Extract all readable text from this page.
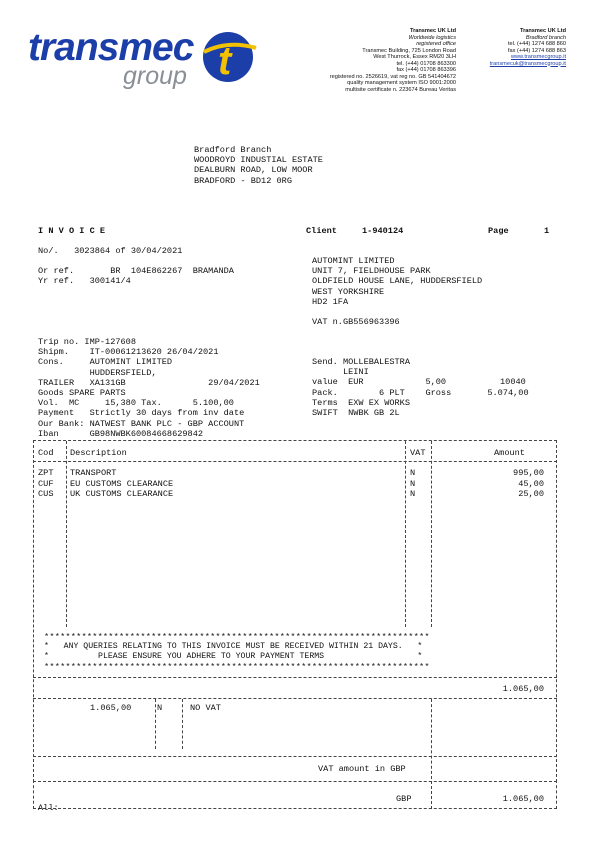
transmec
group t
Transmec UK Ltd
Worldwide logistics
registered office
Transmec Building, 725 London Road
West Thurrock, Essex RM20 3LH
tel. (+44) 01708 863300
fax (+44) 01708 863396
registered no. 2526619, vat reg no. GB 541404672
quality management system ISO 9001:2000
multisite certificate n. 223674 Bureau Veritas
Transmec UK Ltd
Bradford branch
tel. (+44) 1274 688 860
fax (+44) 1274 688 863
www.transmecgroup.it
transmecuk@transmecgroup.it
Bradford Branch
WOODROYD INDUSTIAL ESTATE
DEALBURN ROAD, LOW MOOR
BRADFORD - BD12 0RG
I N V O I C E	Client	1-940124	Page	1
No/.   3023864 of 30/04/2021
Or ref.       BR  104E862267  BRAMANDA
Yr ref.   300141/4
AUTOMINT LIMITED
UNIT 7, FIELDHOUSE PARK
OLDFIELD HOUSE LANE, HUDDERSFIELD
WEST YORKSHIRE
HD2 1FA
VAT n.GB556963396
Trip no. IMP-127608
Shipm.    IT-00061213620 26/04/2021
Cons.     AUTOMINT LIMITED
HUDDERSFIELD,
TRAILER   XA131GB                29/04/2021
Goods SPARE PARTS
Vol.  MC     15,380 Tax.      5.100,00
Payment   Strictly 30 days from inv date
Our Bank: NATWEST BANK PLC - GBP ACCOUNT
Iban      GB98NWBK60084668629842
Send. MOLLEBALESTRA
LEINI
value  EUR            5,00
Pack.        6 PLT    Gross       5.074,00
Terms  EXW EX WORKS
SWIFT  NWBK GB 2L
10040
Cod Description	VAT	Amount
ZPT TRANSPORT	N	995,00
CUF EU CUSTOMS CLEARANCE	N	45,00
CUS UK CUSTOMS CLEARANCE	N	25,00
************************************************************************
*   ANY QUERIES RELATING TO THIS INVOICE MUST BE RECEIVED WITHIN 21 DAYS.   *
*          PLEASE ENSURE YOU ADHERE TO YOUR PAYMENT TERMS                   *
************************************************************************
1.065,00
1.065,00	N	NO VAT
VAT amount in GBP
GBP	1.065,00
All:
